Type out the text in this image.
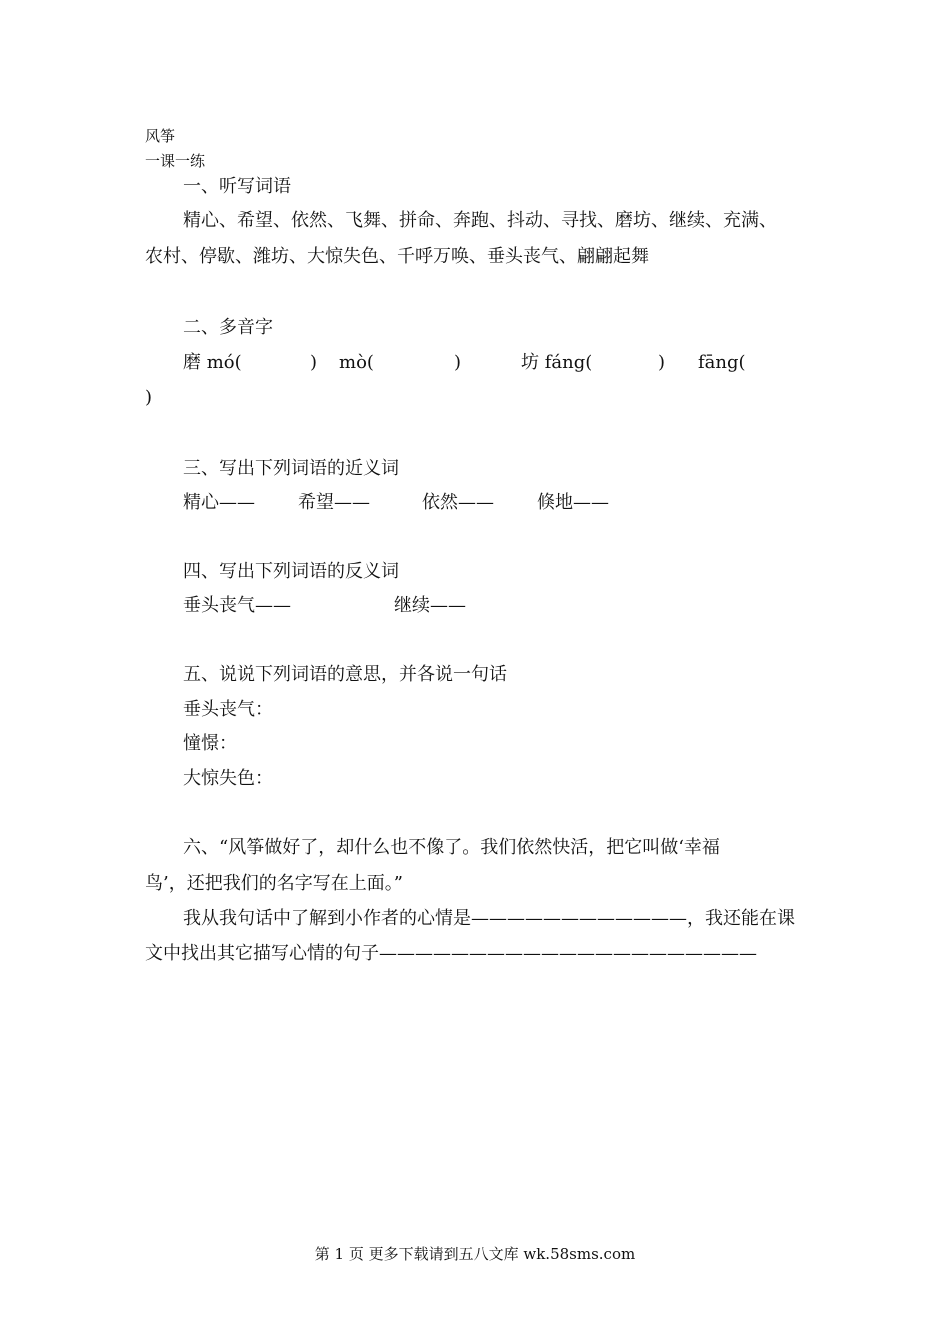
风筝
一课一练
一、听写词语
精心、希望、依然、飞舞、拼命、奔跑、抖动、寻找、磨坊、继续、充满、
农村、停歇、潍坊、大惊失色、千呼万唤、垂头丧气、翩翩起舞
二、多音字
磨 mó(	) mò(	)	坊 fáng(	) fāng(
)
三、写出下列词语的近义词
精心—— 希望——	依然—— 倏地——
四、写出下列词语的反义词
垂头丧气——	继续——
五、说说下列词语的意思，并各说一句话
垂头丧气：
憧憬：
大惊失色：
六、“风筝做好了，却什么也不像了。我们依然快活，把它叫做‘幸福
鸟’，还把我们的名字写在上面。”
我从我句话中了解到小作者的心情是————————————，我还能在课
文中找出其它描写心情的句子—————————————————————
第 1 页 更多下载请到五八文库 wk.58sms.com
